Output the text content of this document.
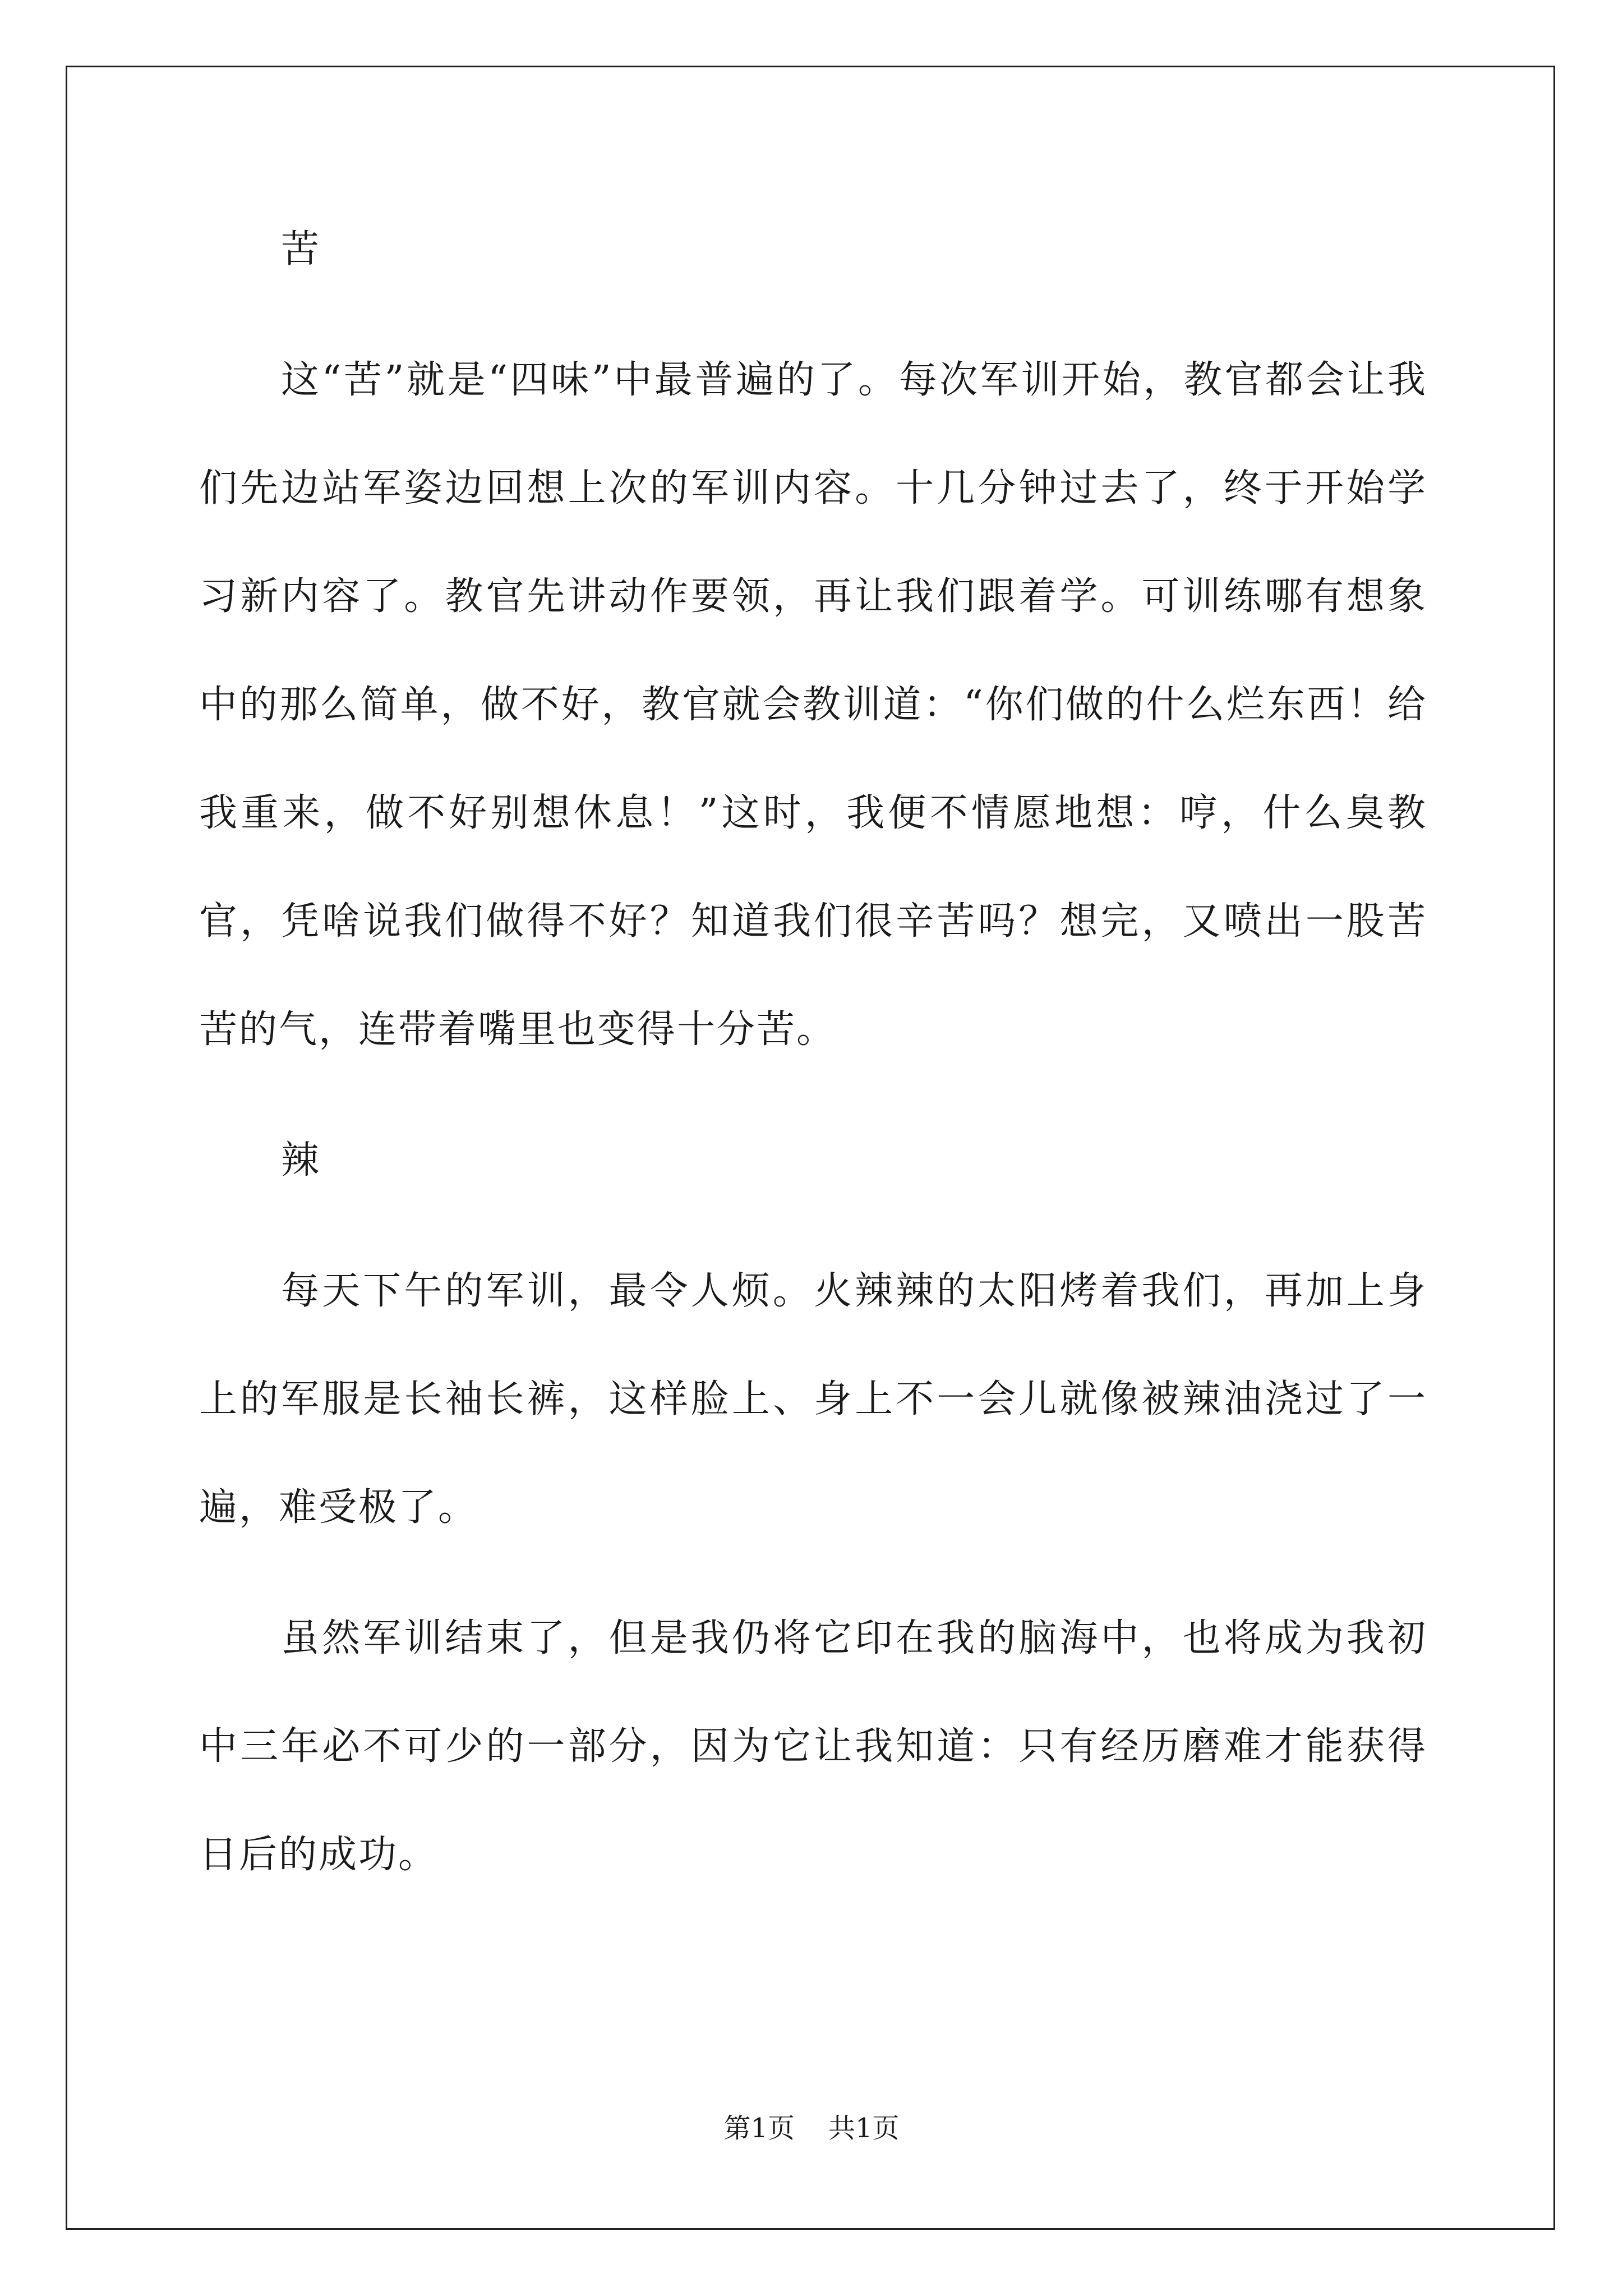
苦

这“苦”就是“四味”中最普遍的了。每次军训开始，教官都会让我们先边站军姿边回想上次的军训内容。十几分钟过去了，终于开始学习新内容了。教官先讲动作要领，再让我们跟着学。可训练哪有想象中的那么简单，做不好，教官就会教训道：“你们做的什么烂东西！给我重来，做不好别想休息！”这时，我便不情愿地想：哼，什么臭教官，凭啥说我们做得不好？知道我们很辛苦吗？想完，又喷出一股苦苦的气，连带着嘴里也变得十分苦。

辣

每天下午的军训，最令人烦。火辣辣的太阳烤着我们，再加上身上的军服是长袖长裤，这样脸上、身上不一会儿就像被辣油浇过了一遍，难受极了。

虽然军训结束了，但是我仍将它印在我的脑海中，也将成为我初中三年必不可少的一部分，因为它让我知道：只有经历磨难才能获得日后的成功。

第1页 共1页
